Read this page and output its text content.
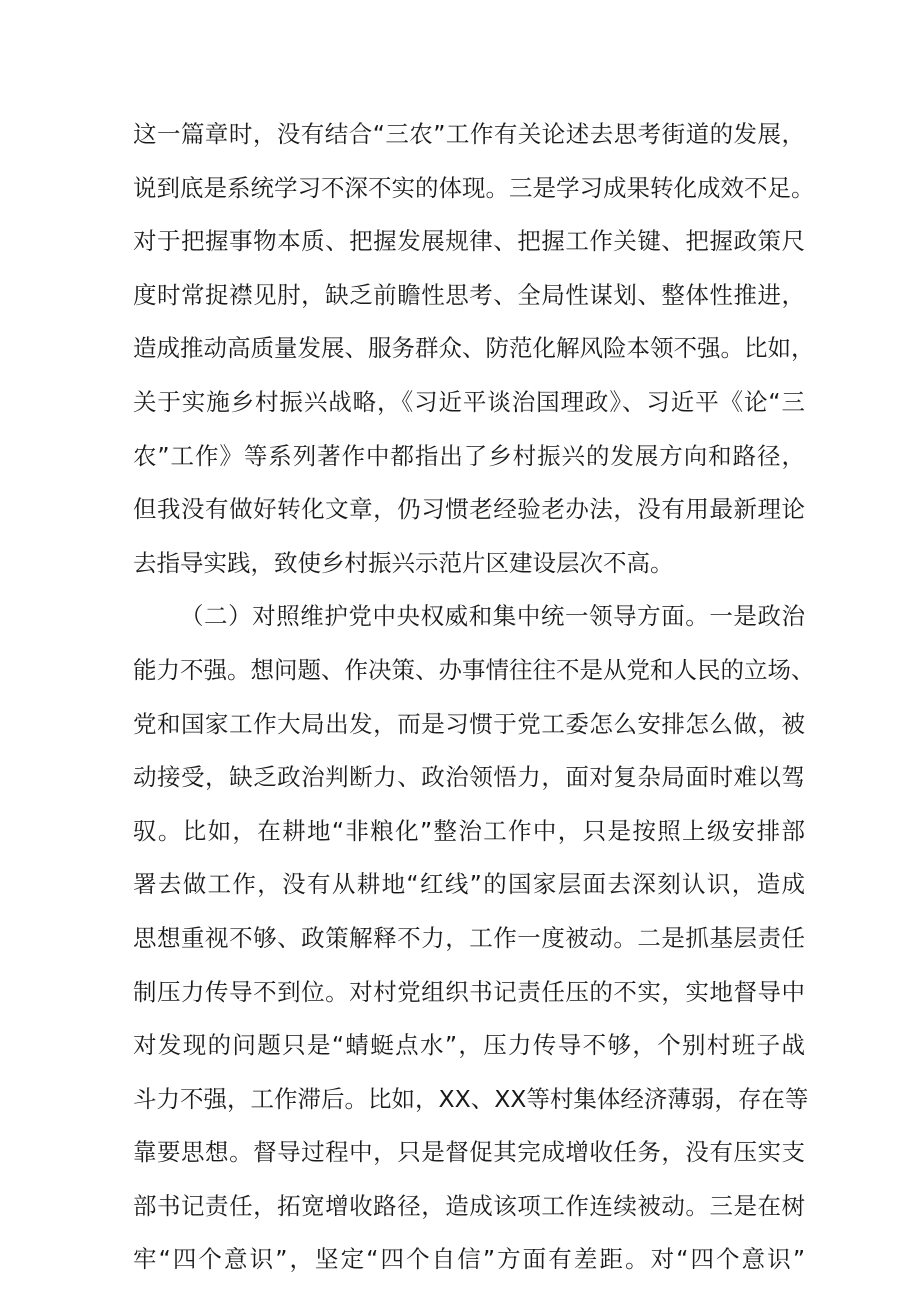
这一篇章时，没有结合“三农”工作有关论述去思考街道的发展，
说到底是系统学习不深不实的体现。三是学习成果转化成效不足。
对于把握事物本质、把握发展规律、把握工作关键、把握政策尺
度时常捉襟见肘，缺乏前瞻性思考、全局性谋划、整体性推进，
造成推动高质量发展、服务群众、防范化解风险本领不强。比如，
关于实施乡村振兴战略，《习近平谈治国理政》、习近平《论“三
农”工作》等系列著作中都指出了乡村振兴的发展方向和路径，
但我没有做好转化文章，仍习惯老经验老办法，没有用最新理论
去指导实践，致使乡村振兴示范片区建设层次不高。
（二）对照维护党中央权威和集中统一领导方面。一是政治
能力不强。想问题、作决策、办事情往往不是从党和人民的立场、
党和国家工作大局出发，而是习惯于党工委怎么安排怎么做，被
动接受，缺乏政治判断力、政治领悟力，面对复杂局面时难以驾
驭。比如，在耕地“非粮化”整治工作中，只是按照上级安排部
署去做工作，没有从耕地“红线”的国家层面去深刻认识，造成
思想重视不够、政策解释不力，工作一度被动。二是抓基层责任
制压力传导不到位。对村党组织书记责任压的不实，实地督导中
对发现的问题只是“蜻蜓点水”，压力传导不够，个别村班子战
斗力不强，工作滞后。比如，XX、XX等村集体经济薄弱，存在等
靠要思想。督导过程中，只是督促其完成增收任务，没有压实支
部书记责任，拓宽增收路径，造成该项工作连续被动。三是在树
牢“四个意识”，坚定“四个自信”方面有差距。对“四个意识”
